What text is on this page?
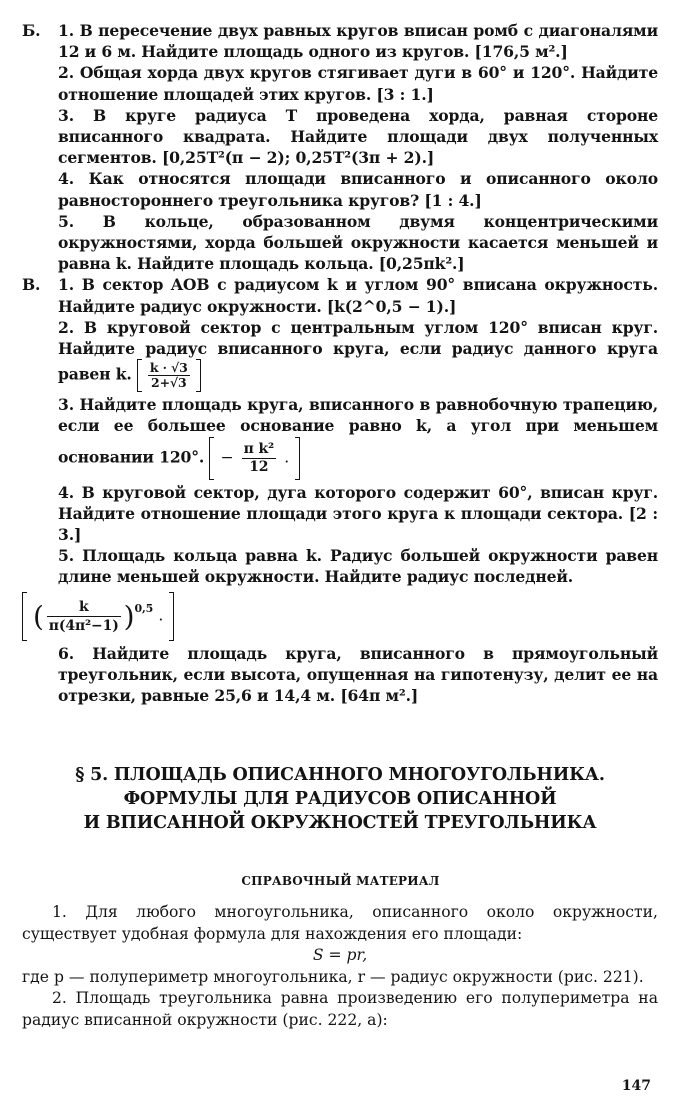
Б. 1. В пересечение двух равных кругов вписан ромб с диагоналями 12 и 6 м. Найдите площадь одного из кругов. [176,5 м².]
2. Общая хорда двух кругов стягивает дуги в 60° и 120°. Найдите отношение площадей этих кругов. [3 : 1.]
3. В круге радиуса T проведена хорда, равная стороне вписанного квадрата. Найдите площади двух полученных сегментов. [0,25T²(π − 2); 0,25T²(3π + 2).]
4. Как относятся площади вписанного и описанного около равностороннего треугольника кругов? [1 : 4.]
5. В кольце, образованном двумя концентрическими окружностями, хорда большей окружности касается меньшей и равна k. Найдите площадь кольца. [0,25πk².]
В. 1. В сектор AOB с радиусом k и углом 90° вписана окружность. Найдите радиус окружности. [k(2^0,5 − 1).]
2. В круговой сектор с центральным углом 120° вписан круг. Найдите радиус вписанного круга, если радиус данного круга равен k. $\frac{k \cdot √3}{2+√3}$
3. Найдите площадь круга, вписанного в равнобочную трапецию, если ее большее основание равно k, а угол при меньшем основании 120°. − $\frac{\text{π k²}}{12}$ .
4. В круговой сектор, дуга которого содержит 60°, вписан круг. Найдите отношение площади этого круга к площади сектора. [2 : 3.]
5. Площадь кольца равна k. Радиус большей окружности равен длине меньшей окружности. Найдите радиус последней.
( $\frac{k}{\text{π(4π²−1)}} )^{0,5}$ .
6. Найдите площадь круга, вписанного в прямоугольный треугольник, если высота, опущенная на гипотенузу, делит ее на отрезки, равные 25,6 и 14,4 м. [64π м².]
§ 5. ПЛОЩАДЬ ОПИСАННОГО МНОГОУГОЛЬНИКА.
ФОРМУЛЫ ДЛЯ РАДИУСОВ ОПИСАННОЙ
И ВПИСАННОЙ ОКРУЖНОСТЕЙ ТРЕУГОЛЬНИКА
СПРАВОЧНЫЙ МАТЕРИАЛ

1. Для любого многоугольника, описанного около окружности, существует удобная формула для нахождения его площади:

S = pr,

где p — полупериметр многоугольника, r — радиус окружности (рис. 221).

2. Площадь треугольника равна произведению его полупериметра на радиус вписанной окружности (рис. 222, а):

147
